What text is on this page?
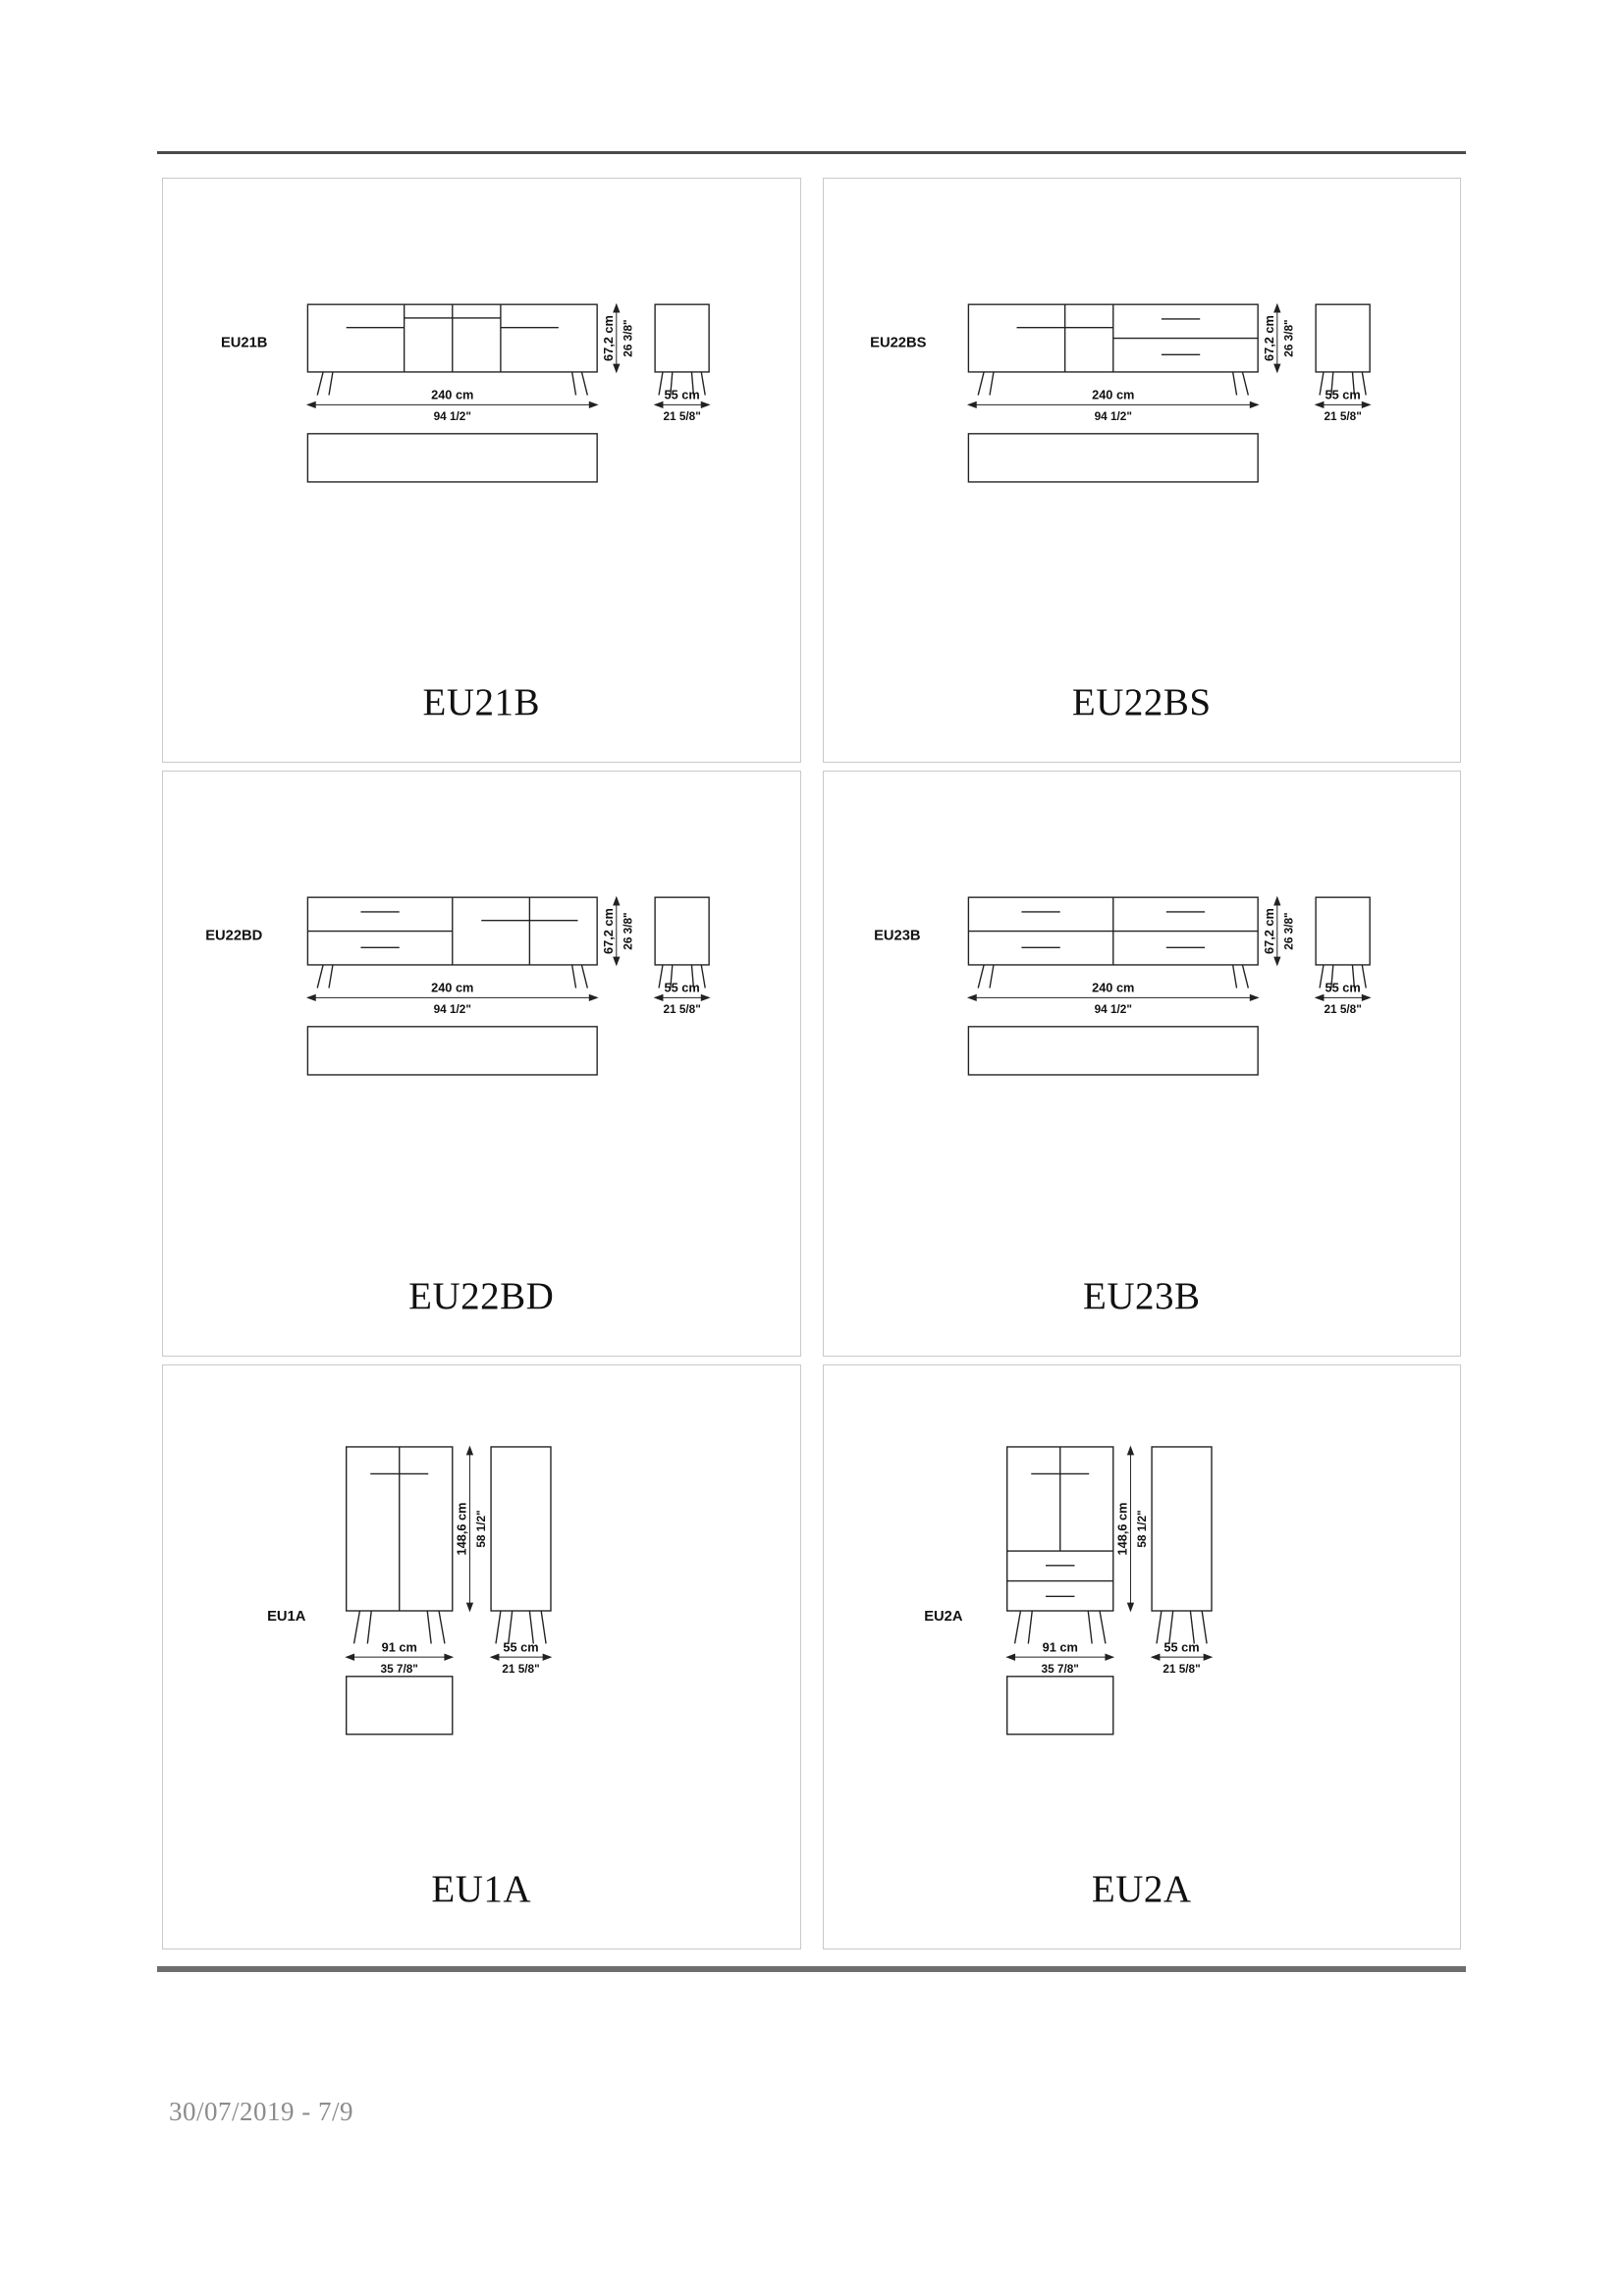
EU21B
240 cm
94 1/2"
55 cm
21 5/8"
67,2 cm 26 3/8"
EU21B
EU22BS
240 cm
94 1/2"
55 cm
21 5/8"
67,2 cm 26 3/8"
EU22BS
EU22BD
240 cm
94 1/2"
55 cm
21 5/8"
67,2 cm 26 3/8"
EU22BD
EU23B
240 cm
94 1/2"
55 cm
21 5/8"
67,2 cm 26 3/8"
EU23B
EU1A
91 cm
35 7/8"
55 cm
21 5/8"
148,6 cm 58 1/2"
EU1A
EU2A
91 cm
35 7/8"
55 cm
21 5/8"
148,6 cm 58 1/2"
EU2A
30/07/2019 - 7/9
